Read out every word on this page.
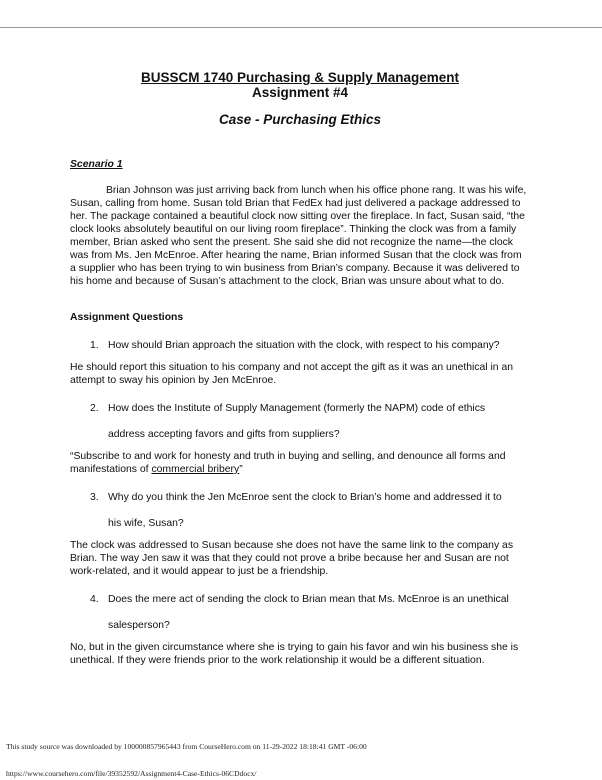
BUSSCM 1740 Purchasing & Supply Management
Assignment #4
Case - Purchasing Ethics
Scenario 1
Brian Johnson was just arriving back from lunch when his office phone rang. It was his wife, Susan, calling from home. Susan told Brian that FedEx had just delivered a package addressed to her. The package contained a beautiful clock now sitting over the fireplace. In fact, Susan said, “the clock looks absolutely beautiful on our living room fireplace”. Thinking the clock was from a family member, Brian asked who sent the present. She said she did not recognize the name—the clock was from Ms. Jen McEnroe. After hearing the name, Brian informed Susan that the clock was from a supplier who has been trying to win business from Brian’s company. Because it was delivered to his home and because of Susan’s attachment to the clock, Brian was unsure about what to do.
Assignment Questions
1. How should Brian approach the situation with the clock, with respect to his company?
He should report this situation to his company and not accept the gift as it was an unethical in an attempt to sway his opinion by Jen McEnroe.
2. How does the Institute of Supply Management (formerly the NAPM) code of ethics
address accepting favors and gifts from suppliers?
“Subscribe to and work for honesty and truth in buying and selling, and denounce all forms and manifestations of commercial bribery”
3. Why do you think the Jen McEnroe sent the clock to Brian’s home and addressed it to
his wife, Susan?
The clock was addressed to Susan because she does not have the same link to the company as Brian. The way Jen saw it was that they could not prove a bribe because her and Susan are not work-related, and it would appear to just be a friendship.
4. Does the mere act of sending the clock to Brian mean that Ms. McEnroe is an unethical
salesperson?
No, but in the given circumstance where she is trying to gain his favor and win his business she is unethical. If they were friends prior to the work relationship it would be a different situation.
This study source was downloaded by 100000857965443 from CourseHero.com on 11-29-2022 18:18:41 GMT -06:00
https://www.coursehero.com/file/39352592/Assignment4-Case-Ethics-06CDdocx/
